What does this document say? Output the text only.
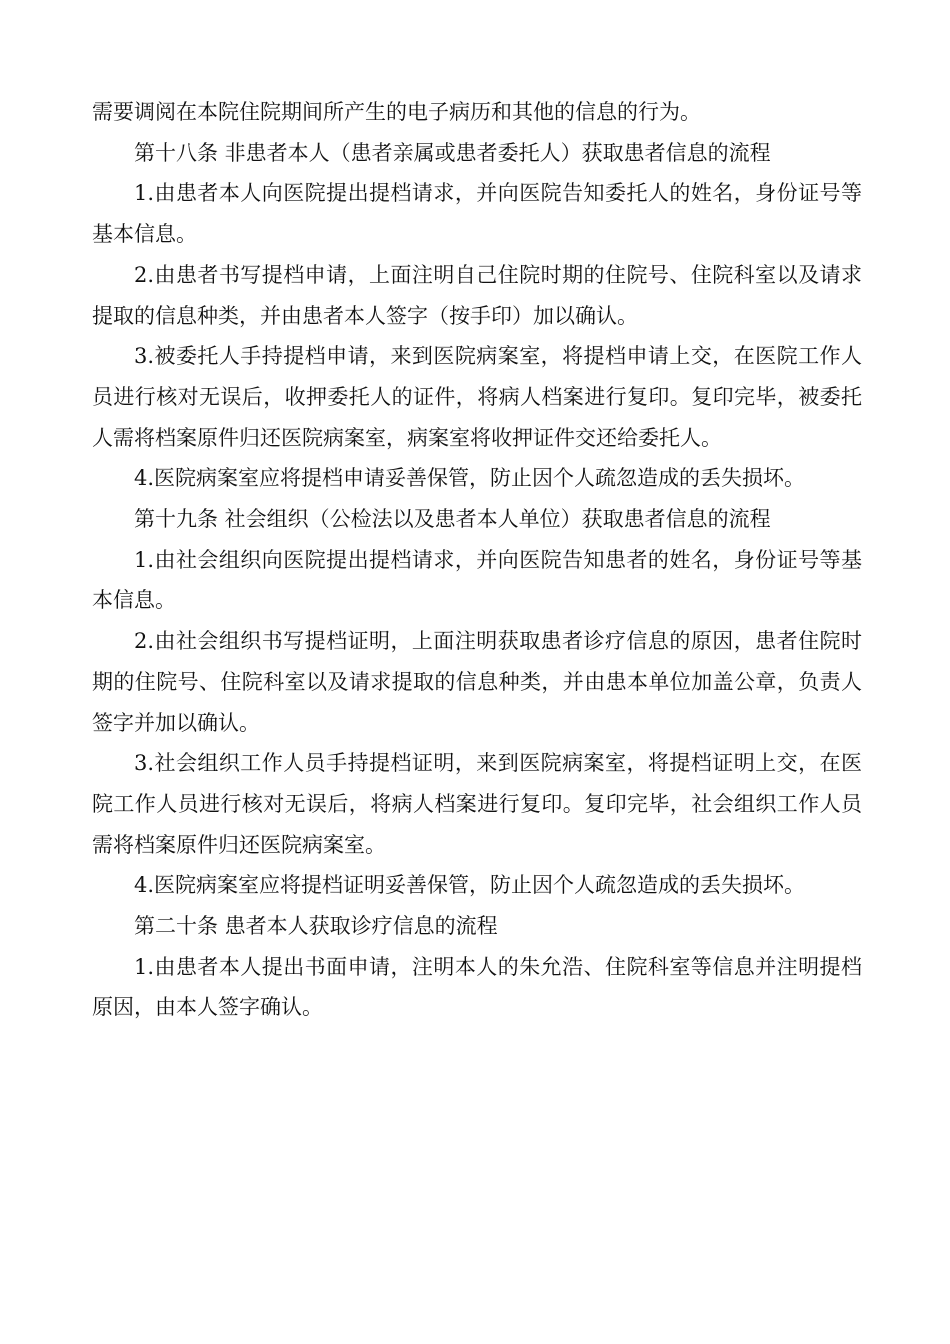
需要调阅在本院住院期间所产生的电子病历和其他的信息的行为。

第十八条 非患者本人（患者亲属或患者委托人）获取患者信息的流程

1.由患者本人向医院提出提档请求，并向医院告知委托人的姓名，身份证号等基本信息。

2.由患者书写提档申请，上面注明自己住院时期的住院号、住院科室以及请求提取的信息种类，并由患者本人签字（按手印）加以确认。

3.被委托人手持提档申请，来到医院病案室，将提档申请上交，在医院工作人员进行核对无误后，收押委托人的证件，将病人档案进行复印。复印完毕，被委托人需将档案原件归还医院病案室，病案室将收押证件交还给委托人。

4.医院病案室应将提档申请妥善保管，防止因个人疏忽造成的丢失损坏。

第十九条 社会组织（公检法以及患者本人单位）获取患者信息的流程

1.由社会组织向医院提出提档请求，并向医院告知患者的姓名，身份证号等基本信息。

2.由社会组织书写提档证明，上面注明获取患者诊疗信息的原因，患者住院时期的住院号、住院科室以及请求提取的信息种类，并由患本单位加盖公章，负责人签字并加以确认。

3.社会组织工作人员手持提档证明，来到医院病案室，将提档证明上交，在医院工作人员进行核对无误后，将病人档案进行复印。复印完毕，社会组织工作人员需将档案原件归还医院病案室。

4.医院病案室应将提档证明妥善保管，防止因个人疏忽造成的丢失损坏。

第二十条 患者本人获取诊疗信息的流程

1.由患者本人提出书面申请，注明本人的朱允浩、住院科室等信息并注明提档原因，由本人签字确认。
